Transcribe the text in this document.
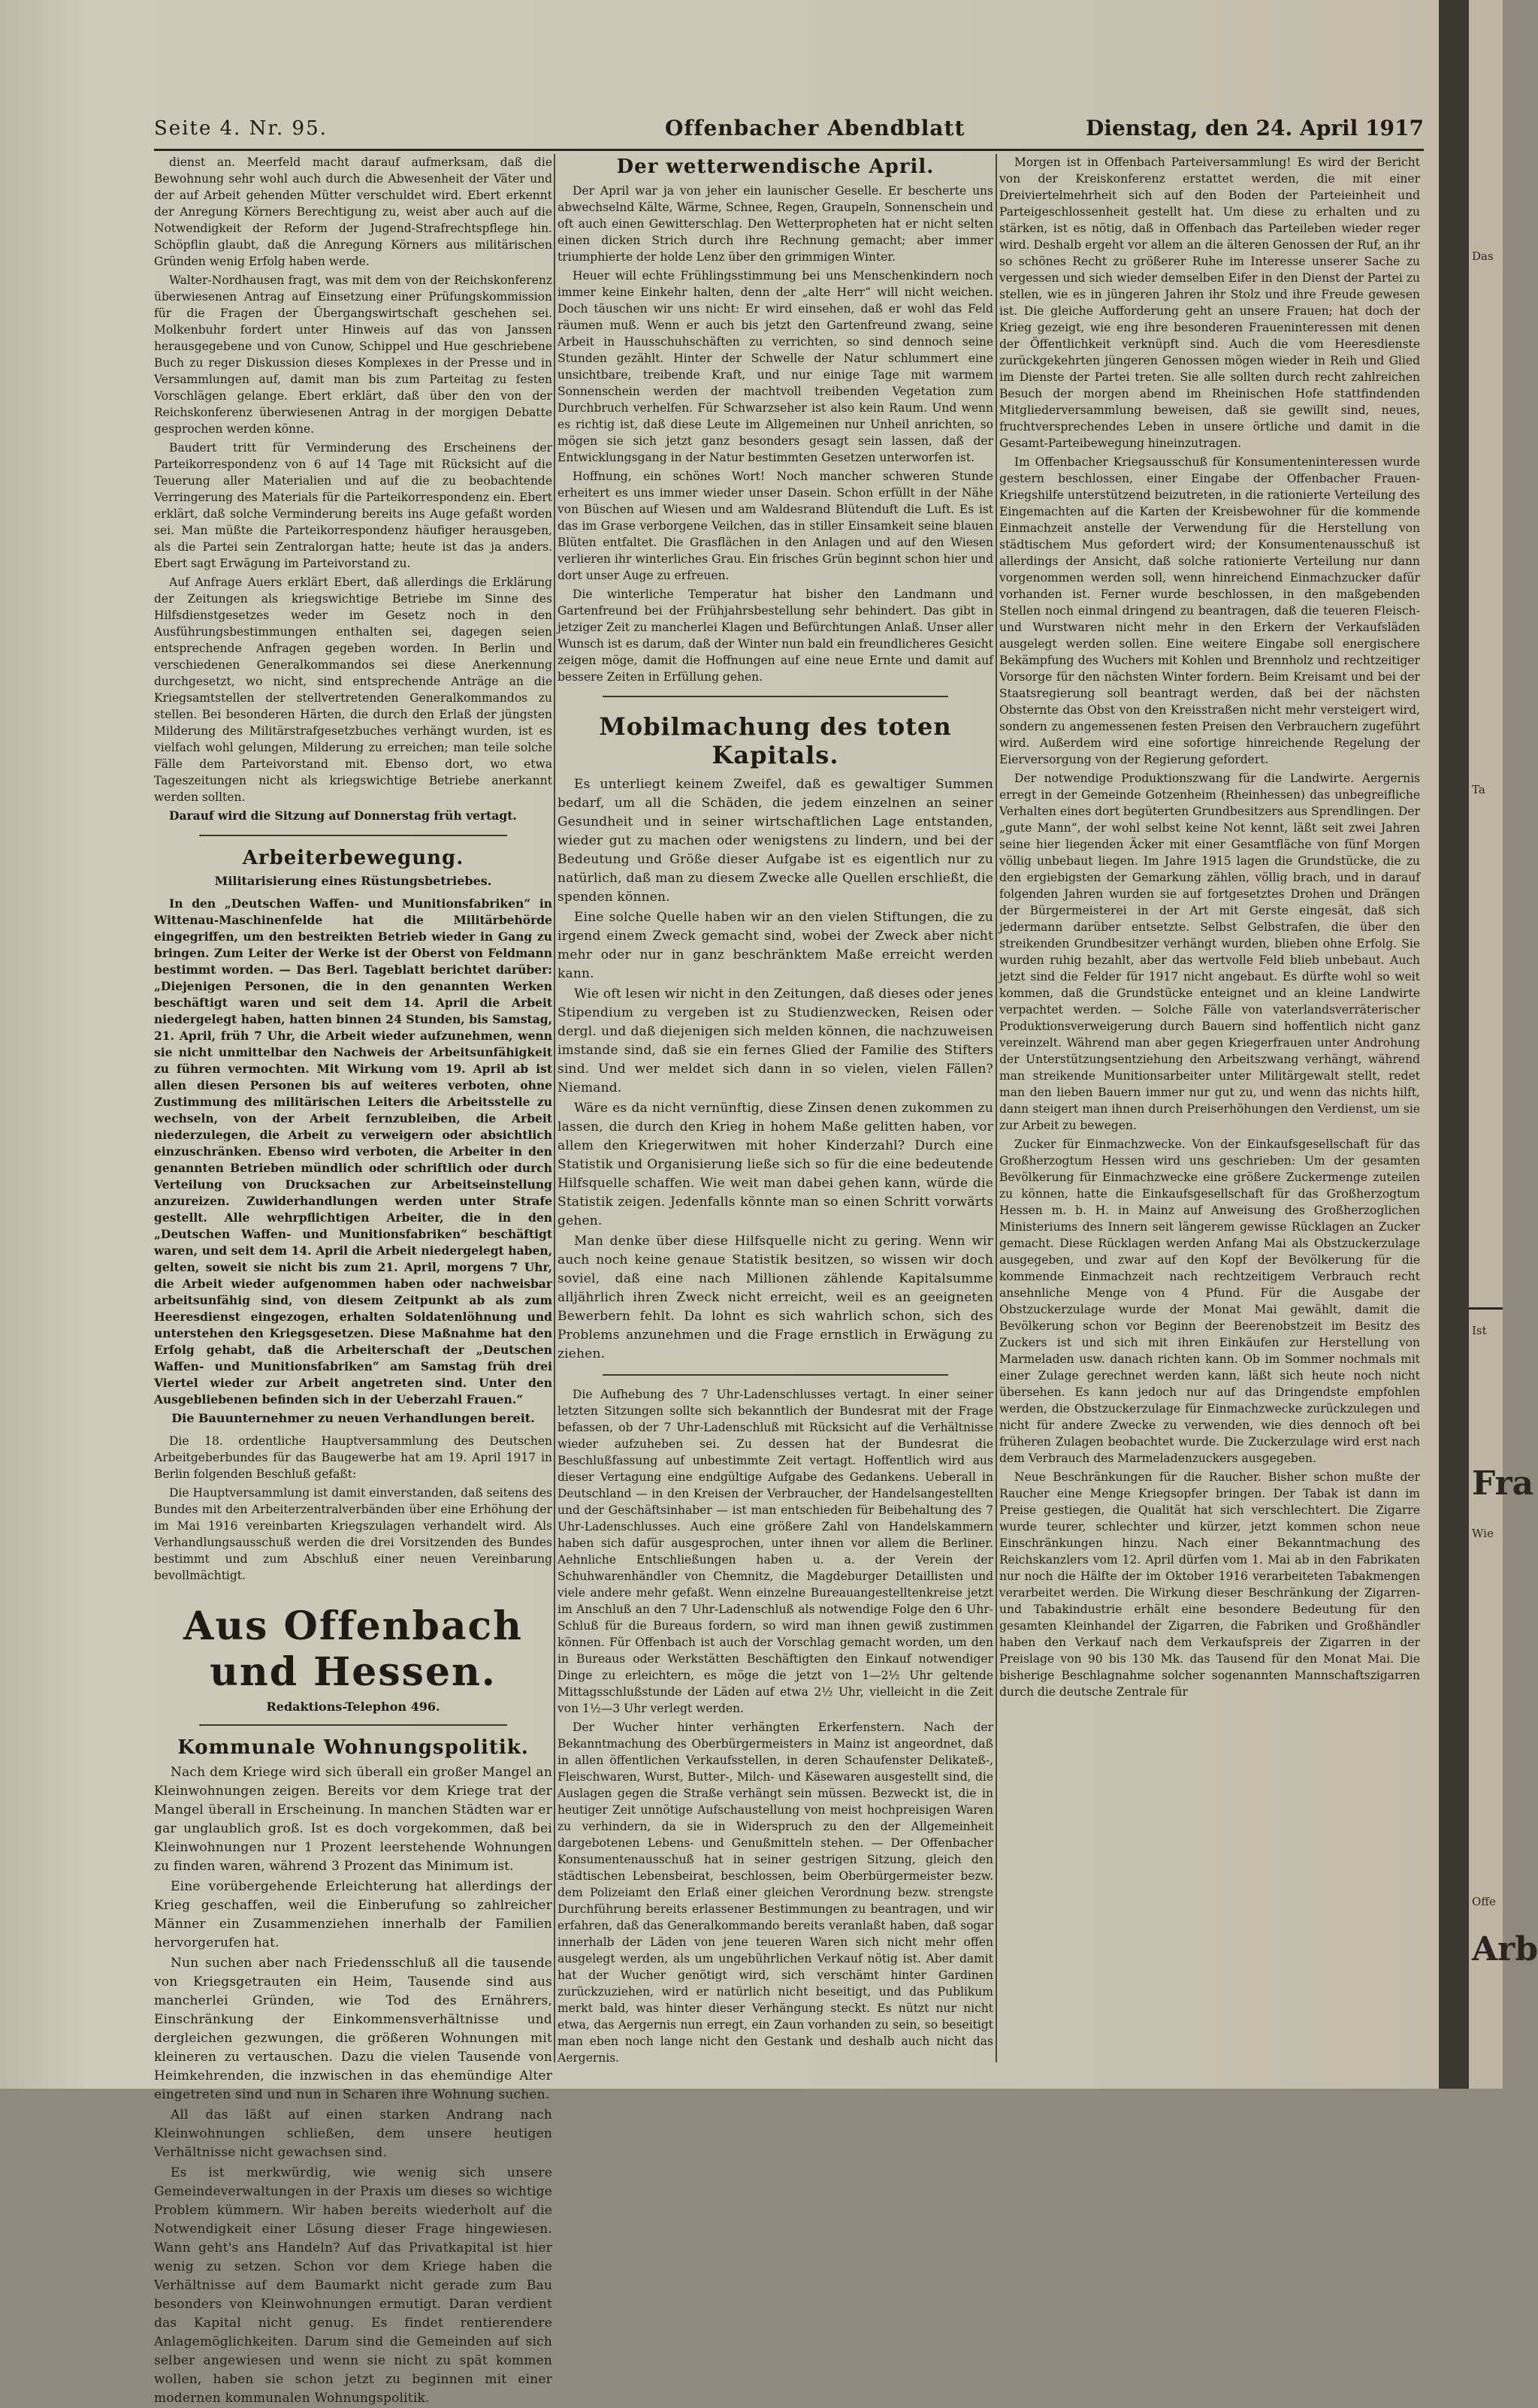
Seite 4. Nr. 95.	Offenbacher Abendblatt	Dienstag, den 24. April 1917

dienst an. Meerfeld macht darauf aufmerksam, daß die Bewohnung sehr wohl auch durch die Abwesenheit der Väter und der auf Arbeit gehenden Mütter verschuldet wird. Ebert erkennt der Anregung Körners Berechtigung zu, weist aber auch auf die Notwendigkeit der Reform der Jugend-Strafrechtspflege hin. Schöpflin glaubt, daß die Anregung Körners aus militärischen Gründen wenig Erfolg haben werde.

Walter-Nordhausen fragt, was mit dem von der Reichskonferenz überwiesenen Antrag auf Einsetzung einer Prüfungskommission für die Fragen der Übergangswirtschaft geschehen sei. Molkenbuhr fordert unter Hinweis auf das von Janssen herausgegebene und von Cunow, Schippel und Hue geschriebene Buch zu reger Diskussion dieses Komplexes in der Presse und in Versammlungen auf, damit man bis zum Parteitag zu festen Vorschlägen gelange. Ebert erklärt, daß über den von der Reichskonferenz überwiesenen Antrag in der morgigen Debatte gesprochen werden könne.

Baudert tritt für Verminderung des Erscheinens der Parteikorrespondenz von 6 auf 14 Tage mit Rücksicht auf die Teuerung aller Materialien und auf die zu beobachtende Verringerung des Materials für die Parteikorrespondenz ein. Ebert erklärt, daß solche Verminderung bereits ins Auge gefaßt worden sei. Man müßte die Parteikorrespondenz häufiger herausgeben, als die Partei sein Zentralorgan hatte; heute ist das ja anders. Ebert sagt Erwägung im Parteivorstand zu.

Auf Anfrage Auers erklärt Ebert, daß allerdings die Erklärung der Zeitungen als kriegswichtige Betriebe im Sinne des Hilfsdienstgesetzes weder im Gesetz noch in den Ausführungsbestimmungen enthalten sei, dagegen seien entsprechende Anfragen gegeben worden. In Berlin und verschiedenen Generalkommandos sei diese Anerkennung durchgesetzt, wo nicht, sind entsprechende Anträge an die Kriegsamtstellen der stellvertretenden Generalkommandos zu stellen. Bei besonderen Härten, die durch den Erlaß der jüngsten Milderung des Militärstrafgesetzbuches verhängt wurden, ist es vielfach wohl gelungen, Milderung zu erreichen; man teile solche Fälle dem Parteivorstand mit. Ebenso dort, wo etwa Tageszeitungen nicht als kriegswichtige Betriebe anerkannt werden sollten.

Darauf wird die Sitzung auf Donnerstag früh vertagt.

Arbeiterbewegung.
Militarisierung eines Rüstungsbetriebes.

In den „Deutschen Waffen- und Munitionsfabriken“ in Wittenau-Maschinenfelde hat die Militärbehörde eingegriffen, um den bestreikten Betrieb wieder in Gang zu bringen. Zum Leiter der Werke ist der Oberst von Feldmann bestimmt worden. — Das Berl. Tageblatt berichtet darüber: „Diejenigen Personen, die in den genannten Werken beschäftigt waren und seit dem 14. April die Arbeit niedergelegt haben, hatten binnen 24 Stunden, bis Samstag, 21. April, früh 7 Uhr, die Arbeit wieder aufzunehmen, wenn sie nicht unmittelbar den Nachweis der Arbeitsunfähigkeit zu führen vermochten. Mit Wirkung vom 19. April ab ist allen diesen Personen bis auf weiteres verboten, ohne Zustimmung des militärischen Leiters die Arbeitsstelle zu wechseln, von der Arbeit fernzubleiben, die Arbeit niederzulegen, die Arbeit zu verweigern oder absichtlich einzuschränken. Ebenso wird verboten, die Arbeiter in den genannten Betrieben mündlich oder schriftlich oder durch Verteilung von Drucksachen zur Arbeitseinstellung anzureizen. Zuwiderhandlungen werden unter Strafe gestellt. Alle wehrpflichtigen Arbeiter, die in den „Deutschen Waffen- und Munitionsfabriken“ beschäftigt waren, und seit dem 14. April die Arbeit niedergelegt haben, gelten, soweit sie nicht bis zum 21. April, morgens 7 Uhr, die Arbeit wieder aufgenommen haben oder nachweisbar arbeitsunfähig sind, von diesem Zeitpunkt ab als zum Heeresdienst eingezogen, erhalten Soldatenlöhnung und unterstehen den Kriegsgesetzen. Diese Maßnahme hat den Erfolg gehabt, daß die Arbeiterschaft der „Deutschen Waffen- und Munitionsfabriken“ am Samstag früh drei Viertel wieder zur Arbeit angetreten sind. Unter den Ausgebliebenen befinden sich in der Ueberzahl Frauen.“

Die Bauunternehmer zu neuen Verhandlungen bereit.

Die 18. ordentliche Hauptversammlung des Deutschen Arbeitgeberbundes für das Baugewerbe hat am 19. April 1917 in Berlin folgenden Beschluß gefaßt:

Die Hauptversammlung ist damit einverstanden, daß seitens des Bundes mit den Arbeiterzentralverbänden über eine Erhöhung der im Mai 1916 vereinbarten Kriegszulagen verhandelt wird. Als Verhandlungsausschuß werden die drei Vorsitzenden des Bundes bestimmt und zum Abschluß einer neuen Vereinbarung bevollmächtigt.

Aus Offenbach und Hessen.
Redaktions-Telephon 496.
Kommunale Wohnungspolitik.

Nach dem Kriege wird sich überall ein großer Mangel an Kleinwohnungen zeigen. Bereits vor dem Kriege trat der Mangel überall in Erscheinung. In manchen Städten war er gar unglaublich groß. Ist es doch vorgekommen, daß bei Kleinwohnungen nur 1 Prozent leerstehende Wohnungen zu finden waren, während 3 Prozent das Minimum ist.

Eine vorübergehende Erleichterung hat allerdings der Krieg geschaffen, weil die Einberufung so zahlreicher Männer ein Zusammenziehen innerhalb der Familien hervorgerufen hat.

Nun suchen aber nach Friedensschluß all die tausende von Kriegsgetrauten ein Heim, Tausende sind aus mancherlei Gründen, wie Tod des Ernährers, Einschränkung der Einkommensverhältnisse und dergleichen gezwungen, die größeren Wohnungen mit kleineren zu vertauschen. Dazu die vielen Tausende von Heimkehrenden, die inzwischen in das ehemündige Alter eingetreten sind und nun in Scharen ihre Wohnung suchen.

All das läßt auf einen starken Andrang nach Kleinwohnungen schließen, dem unsere heutigen Verhältnisse nicht gewachsen sind.

Es ist merkwürdig, wie wenig sich unsere Gemeindeverwaltungen in der Praxis um dieses so wichtige Problem kümmern. Wir haben bereits wiederholt auf die Notwendigkeit einer Lösung dieser Frage hingewiesen. Wann geht's ans Handeln? Auf das Privatkapital ist hier wenig zu setzen. Schon vor dem Kriege haben die Verhältnisse auf dem Baumarkt nicht gerade zum Bau besonders von Kleinwohnungen ermutigt. Daran verdient das Kapital nicht genug. Es findet rentierendere Anlagemöglichkeiten. Darum sind die Gemeinden auf sich selber angewiesen und wenn sie nicht zu spät kommen wollen, haben sie schon jetzt zu beginnen mit einer modernen kommunalen Wohnungspolitik.

Der wetterwendische April.

Der April war ja von jeher ein launischer Geselle. Er bescherte uns abwechselnd Kälte, Wärme, Schnee, Regen, Graupeln, Sonnenschein und oft auch einen Gewitterschlag. Den Wetterpropheten hat er nicht selten einen dicken Strich durch ihre Rechnung gemacht; aber immer triumphierte der holde Lenz über den grimmigen Winter.

Heuer will echte Frühlingsstimmung bei uns Menschenkindern noch immer keine Einkehr halten, denn der „alte Herr“ will nicht weichen. Doch täuschen wir uns nicht: Er wird einsehen, daß er wohl das Feld räumen muß. Wenn er auch bis jetzt den Gartenfreund zwang, seine Arbeit in Hausschuhschäften zu verrichten, so sind dennoch seine Stunden gezählt. Hinter der Schwelle der Natur schlummert eine unsichtbare, treibende Kraft, und nur einige Tage mit warmem Sonnenschein werden der machtvoll treibenden Vegetation zum Durchbruch verhelfen. Für Schwarzseher ist also kein Raum. Und wenn es richtig ist, daß diese Leute im Allgemeinen nur Unheil anrichten, so mögen sie sich jetzt ganz besonders gesagt sein lassen, daß der Entwicklungsgang in der Natur bestimmten Gesetzen unterworfen ist.

Hoffnung, ein schönes Wort! Noch mancher schweren Stunde erheitert es uns immer wieder unser Dasein. Schon erfüllt in der Nähe von Büschen auf Wiesen und am Waldesrand Blütenduft die Luft. Es ist das im Grase verborgene Veilchen, das in stiller Einsamkeit seine blauen Blüten entfaltet. Die Grasflächen in den Anlagen und auf den Wiesen verlieren ihr winterliches Grau. Ein frisches Grün beginnt schon hier und dort unser Auge zu erfreuen.

Die winterliche Temperatur hat bisher den Landmann und Gartenfreund bei der Frühjahrsbestellung sehr behindert. Das gibt in jetziger Zeit zu mancherlei Klagen und Befürchtungen Anlaß. Unser aller Wunsch ist es darum, daß der Winter nun bald ein freundlicheres Gesicht zeigen möge, damit die Hoffnungen auf eine neue Ernte und damit auf bessere Zeiten in Erfüllung gehen.

Mobilmachung des toten Kapitals.

Es unterliegt keinem Zweifel, daß es gewaltiger Summen bedarf, um all die Schäden, die jedem einzelnen an seiner Gesundheit und in seiner wirtschaftlichen Lage entstanden, wieder gut zu machen oder wenigstens zu lindern, und bei der Bedeutung und Größe dieser Aufgabe ist es eigentlich nur zu natürlich, daß man zu diesem Zwecke alle Quellen erschließt, die spenden können.

Eine solche Quelle haben wir an den vielen Stiftungen, die zu irgend einem Zweck gemacht sind, wobei der Zweck aber nicht mehr oder nur in ganz beschränktem Maße erreicht werden kann.

Wie oft lesen wir nicht in den Zeitungen, daß dieses oder jenes Stipendium zu vergeben ist zu Studienzwecken, Reisen oder dergl. und daß diejenigen sich melden können, die nachzuweisen imstande sind, daß sie ein fernes Glied der Familie des Stifters sind. Und wer meldet sich dann in so vielen, vielen Fällen? Niemand.

Wäre es da nicht vernünftig, diese Zinsen denen zukommen zu lassen, die durch den Krieg in hohem Maße gelitten haben, vor allem den Kriegerwitwen mit hoher Kinderzahl? Durch eine Statistik und Organisierung ließe sich so für die eine bedeutende Hilfsquelle schaffen. Wie weit man dabei gehen kann, würde die Statistik zeigen. Jedenfalls könnte man so einen Schritt vorwärts gehen.

Man denke über diese Hilfsquelle nicht zu gering. Wenn wir auch noch keine genaue Statistik besitzen, so wissen wir doch soviel, daß eine nach Millionen zählende Kapitalsumme alljährlich ihren Zweck nicht erreicht, weil es an geeigneten Bewerbern fehlt. Da lohnt es sich wahrlich schon, sich des Problems anzunehmen und die Frage ernstlich in Erwägung zu ziehen.

Die Aufhebung des 7 Uhr-Ladenschlusses vertagt. In einer seiner letzten Sitzungen sollte sich bekanntlich der Bundesrat mit der Frage befassen, ob der 7 Uhr-Ladenschluß mit Rücksicht auf die Verhältnisse wieder aufzuheben sei. Zu dessen hat der Bundesrat die Beschlußfassung auf unbestimmte Zeit vertagt. Hoffentlich wird aus dieser Vertagung eine endgültige Aufgabe des Gedankens. Ueberall in Deutschland — in den Kreisen der Verbraucher, der Handelsangestellten und der Geschäftsinhaber — ist man entschieden für Beibehaltung des 7 Uhr-Ladenschlusses. Auch eine größere Zahl von Handelskammern haben sich dafür ausgesprochen, unter ihnen vor allem die Berliner. Aehnliche Entschließungen haben u. a. der Verein der Schuhwarenhändler von Chemnitz, die Magdeburger Detaillisten und viele andere mehr gefaßt. Wenn einzelne Bureauangestelltenkreise jetzt im Anschluß an den 7 Uhr-Ladenschluß als notwendige Folge den 6 Uhr-Schluß für die Bureaus fordern, so wird man ihnen gewiß zustimmen können. Für Offenbach ist auch der Vorschlag gemacht worden, um den in Bureaus oder Werkstätten Beschäftigten den Einkauf notwendiger Dinge zu erleichtern, es möge die jetzt von 1—2½ Uhr geltende Mittagsschlußstunde der Läden auf etwa 2½ Uhr, vielleicht in die Zeit von 1½—3 Uhr verlegt werden.

Der Wucher hinter verhängten Erkerfenstern. Nach der Bekanntmachung des Oberbürgermeisters in Mainz ist angeordnet, daß in allen öffentlichen Verkaufsstellen, in deren Schaufenster Delikateß-, Fleischwaren, Wurst, Butter-, Milch- und Käsewaren ausgestellt sind, die Auslagen gegen die Straße verhängt sein müssen. Bezweckt ist, die in heutiger Zeit unnötige Aufschaustellung von meist hochpreisigen Waren zu verhindern, da sie in Widerspruch zu den der Allgemeinheit dargebotenen Lebens- und Genußmitteln stehen. — Der Offenbacher Konsumentenausschuß hat in seiner gestrigen Sitzung, gleich den städtischen Lebensbeirat, beschlossen, beim Oberbürgermeister bezw. dem Polizeiamt den Erlaß einer gleichen Verordnung bezw. strengste Durchführung bereits erlassener Bestimmungen zu beantragen, und wir erfahren, daß das Generalkommando bereits veranlaßt haben, daß sogar innerhalb der Läden von jene teueren Waren sich nicht mehr offen ausgelegt werden, als um ungebührlichen Verkauf nötig ist. Aber damit hat der Wucher genötigt wird, sich verschämt hinter Gardinen zurückzuziehen, wird er natürlich nicht beseitigt, und das Publikum merkt bald, was hinter dieser Verhängung steckt. Es nützt nur nicht etwa, das Aergernis nun erregt, ein Zaun vorhanden zu sein, so beseitigt man eben noch lange nicht den Gestank und deshalb auch nicht das Aergernis.

Morgen ist in Offenbach Parteiversammlung! Es wird der Bericht von der Kreiskonferenz erstattet werden, die mit einer Dreiviertelmehrheit sich auf den Boden der Parteieinheit und Parteigeschlossenheit gestellt hat. Um diese zu erhalten und zu stärken, ist es nötig, daß in Offenbach das Parteileben wieder reger wird. Deshalb ergeht vor allem an die älteren Genossen der Ruf, an ihr so schönes Recht zu größerer Ruhe im Interesse unserer Sache zu vergessen und sich wieder demselben Eifer in den Dienst der Partei zu stellen, wie es in jüngeren Jahren ihr Stolz und ihre Freude gewesen ist. Die gleiche Aufforderung geht an unsere Frauen; hat doch der Krieg gezeigt, wie eng ihre besonderen Fraueninteressen mit denen der Öffentlichkeit verknüpft sind. Auch die vom Heeresdienste zurückgekehrten jüngeren Genossen mögen wieder in Reih und Glied im Dienste der Partei treten. Sie alle sollten durch recht zahlreichen Besuch der morgen abend im Rheinischen Hofe stattfindenden Mitgliederversammlung beweisen, daß sie gewillt sind, neues, fruchtversprechendes Leben in unsere örtliche und damit in die Gesamt-Parteibewegung hineinzutragen.

Im Offenbacher Kriegsausschuß für Konsumenteninteressen wurde gestern beschlossen, einer Eingabe der Offenbacher Frauen-Kriegshilfe unterstützend beizutreten, in die rationierte Verteilung des Eingemachten auf die Karten der Kreisbewohner für die kommende Einmachzeit anstelle der Verwendung für die Herstellung von städtischem Mus gefordert wird; der Konsumentenausschuß ist allerdings der Ansicht, daß solche rationierte Verteilung nur dann vorgenommen werden soll, wenn hinreichend Einmachzucker dafür vorhanden ist. Ferner wurde beschlossen, in den maßgebenden Stellen noch einmal dringend zu beantragen, daß die teueren Fleisch- und Wurstwaren nicht mehr in den Erkern der Verkaufsläden ausgelegt werden sollen. Eine weitere Eingabe soll energischere Bekämpfung des Wuchers mit Kohlen und Brennholz und rechtzeitiger Vorsorge für den nächsten Winter fordern. Beim Kreisamt und bei der Staatsregierung soll beantragt werden, daß bei der nächsten Obsternte das Obst von den Kreisstraßen nicht mehr versteigert wird, sondern zu angemessenen festen Preisen den Verbrauchern zugeführt wird. Außerdem wird eine sofortige hinreichende Regelung der Eierversorgung von der Regierung gefordert.

Der notwendige Produktionszwang für die Landwirte. Aergernis erregt in der Gemeinde Gotzenheim (Rheinhessen) das unbegreifliche Verhalten eines dort begüterten Grundbesitzers aus Sprendlingen. Der „gute Mann“, der wohl selbst keine Not kennt, läßt seit zwei Jahren seine hier liegenden Äcker mit einer Gesamtfläche von fünf Morgen völlig unbebaut liegen. Im Jahre 1915 lagen die Grundstücke, die zu den ergiebigsten der Gemarkung zählen, völlig brach, und in darauf folgenden Jahren wurden sie auf fortgesetztes Drohen und Drängen der Bürgermeisterei in der Art mit Gerste eingesät, daß sich jedermann darüber entsetzte. Selbst Gelbstrafen, die über den streikenden Grundbesitzer verhängt wurden, blieben ohne Erfolg. Sie wurden ruhig bezahlt, aber das wertvolle Feld blieb unbebaut. Auch jetzt sind die Felder für 1917 nicht angebaut. Es dürfte wohl so weit kommen, daß die Grundstücke enteignet und an kleine Landwirte verpachtet werden. — Solche Fälle von vaterlandsverräterischer Produktionsverweigerung durch Bauern sind hoffentlich nicht ganz vereinzelt. Während man aber gegen Kriegerfrauen unter Androhung der Unterstützungsentziehung den Arbeitszwang verhängt, während man streikende Munitionsarbeiter unter Militärgewalt stellt, redet man den lieben Bauern immer nur gut zu, und wenn das nichts hilft, dann steigert man ihnen durch Preiserhöhungen den Verdienst, um sie zur Arbeit zu bewegen.

Zucker für Einmachzwecke. Von der Einkaufsgesellschaft für das Großherzogtum Hessen wird uns geschrieben: Um der gesamten Bevölkerung für Einmachzwecke eine größere Zuckermenge zuteilen zu können, hatte die Einkaufsgesellschaft für das Großherzogtum Hessen m. b. H. in Mainz auf Anweisung des Großherzoglichen Ministeriums des Innern seit längerem gewisse Rücklagen an Zucker gemacht. Diese Rücklagen werden Anfang Mai als Obstzuckerzulage ausgegeben, und zwar auf den Kopf der Bevölkerung für die kommende Einmachzeit nach rechtzeitigem Verbrauch recht ansehnliche Menge von 4 Pfund. Für die Ausgabe der Obstzuckerzulage wurde der Monat Mai gewählt, damit die Bevölkerung schon vor Beginn der Beerenobstzeit im Besitz des Zuckers ist und sich mit ihren Einkäufen zur Herstellung von Marmeladen usw. danach richten kann. Ob im Sommer nochmals mit einer Zulage gerechnet werden kann, läßt sich heute noch nicht übersehen. Es kann jedoch nur auf das Dringendste empfohlen werden, die Obstzuckerzulage für Einmachzwecke zurückzulegen und nicht für andere Zwecke zu verwenden, wie dies dennoch oft bei früheren Zulagen beobachtet wurde. Die Zuckerzulage wird erst nach dem Verbrauch des Marmeladenzuckers ausgegeben.

Neue Beschränkungen für die Raucher. Bisher schon mußte der Raucher eine Menge Kriegsopfer bringen. Der Tabak ist dann im Preise gestiegen, die Qualität hat sich verschlechtert. Die Zigarre wurde teurer, schlechter und kürzer, jetzt kommen schon neue Einschränkungen hinzu. Nach einer Bekanntmachung des Reichskanzlers vom 12. April dürfen vom 1. Mai ab in den Fabrikaten nur noch die Hälfte der im Oktober 1916 verarbeiteten Tabakmengen verarbeitet werden. Die Wirkung dieser Beschränkung der Zigarren- und Tabakindustrie erhält eine besondere Bedeutung für den gesamten Kleinhandel der Zigarren, die Fabriken und Großhändler haben den Verkauf nach dem Verkaufspreis der Zigarren in der Preislage von 90 bis 130 Mk. das Tausend für den Monat Mai. Die bisherige Beschlagnahme solcher sogenannten Mannschaftszigarren durch die deutsche Zentrale für

Das
Ta
Ist
Fra
Wie
Offe
Arb
